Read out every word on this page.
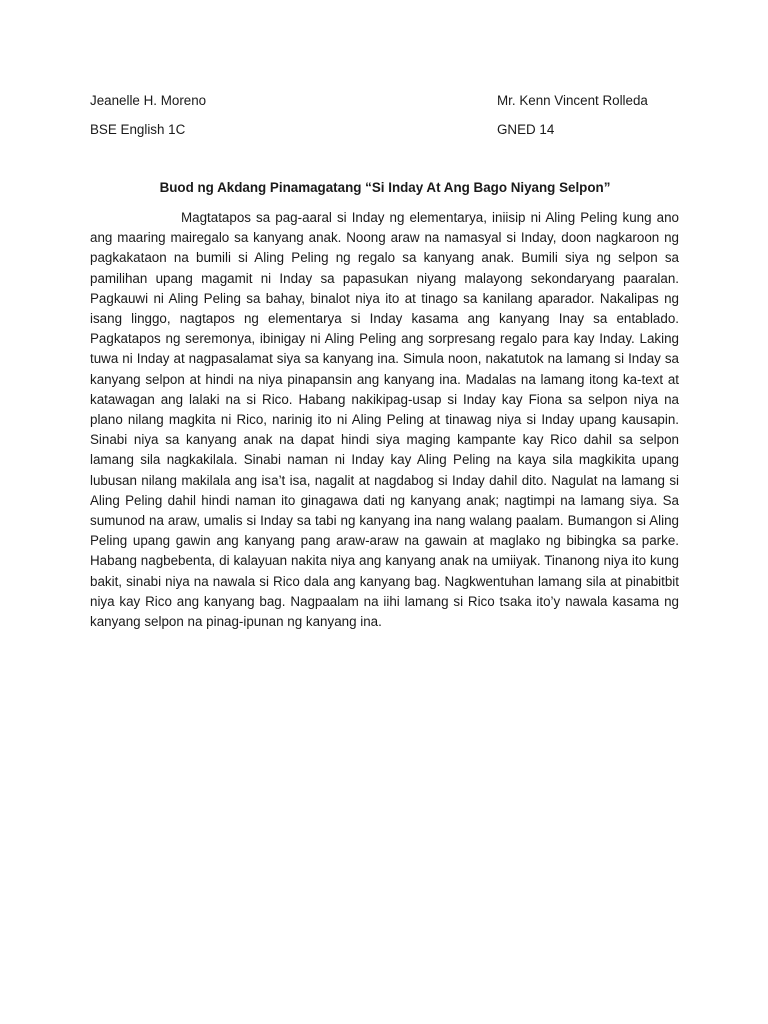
Jeanelle H. Moreno	Mr. Kenn Vincent Rolleda
BSE English 1C	GNED 14
Buod ng Akdang Pinamagatang “Si Inday At Ang Bago Niyang Selpon”

Magtatapos sa pag-aaral si Inday ng elementarya, iniisip ni Aling Peling kung ano ang maaring mairegalo sa kanyang anak. Noong araw na namasyal si Inday, doon nagkaroon ng pagkakataon na bumili si Aling Peling ng regalo sa kanyang anak. Bumili siya ng selpon sa pamilihan upang magamit ni Inday sa papasukan niyang malayong sekondaryang paaralan. Pagkauwi ni Aling Peling sa bahay, binalot niya ito at tinago sa kanilang aparador. Nakalipas ng isang linggo, nagtapos ng elementarya si Inday kasama ang kanyang Inay sa entablado. Pagkatapos ng seremonya, ibinigay ni Aling Peling ang sorpresang regalo para kay Inday. Laking tuwa ni Inday at nagpasalamat siya sa kanyang ina. Simula noon, nakatutok na lamang si Inday sa kanyang selpon at hindi na niya pinapansin ang kanyang ina. Madalas na lamang itong ka-text at katawagan ang lalaki na si Rico. Habang nakikipag-usap si Inday kay Fiona sa selpon niya na plano nilang magkita ni Rico, narinig ito ni Aling Peling at tinawag niya si Inday upang kausapin. Sinabi niya sa kanyang anak na dapat hindi siya maging kampante kay Rico dahil sa selpon lamang sila nagkakilala. Sinabi naman ni Inday kay Aling Peling na kaya sila magkikita upang lubusan nilang makilala ang isa’t isa, nagalit at nagdabog si Inday dahil dito. Nagulat na lamang si Aling Peling dahil hindi naman ito ginagawa dati ng kanyang anak; nagtimpi na lamang siya. Sa sumunod na araw, umalis si Inday sa tabi ng kanyang ina nang walang paalam. Bumangon si Aling Peling upang gawin ang kanyang pang araw-araw na gawain at maglako ng bibingka sa parke. Habang nagbebenta, di kalayuan nakita niya ang kanyang anak na umiiyak. Tinanong niya ito kung bakit, sinabi niya na nawala si Rico dala ang kanyang bag. Nagkwentuhan lamang sila at pinabitbit niya kay Rico ang kanyang bag. Nagpaalam na iihi lamang si Rico tsaka ito’y nawala kasama ng kanyang selpon na pinag-ipunan ng kanyang ina.
